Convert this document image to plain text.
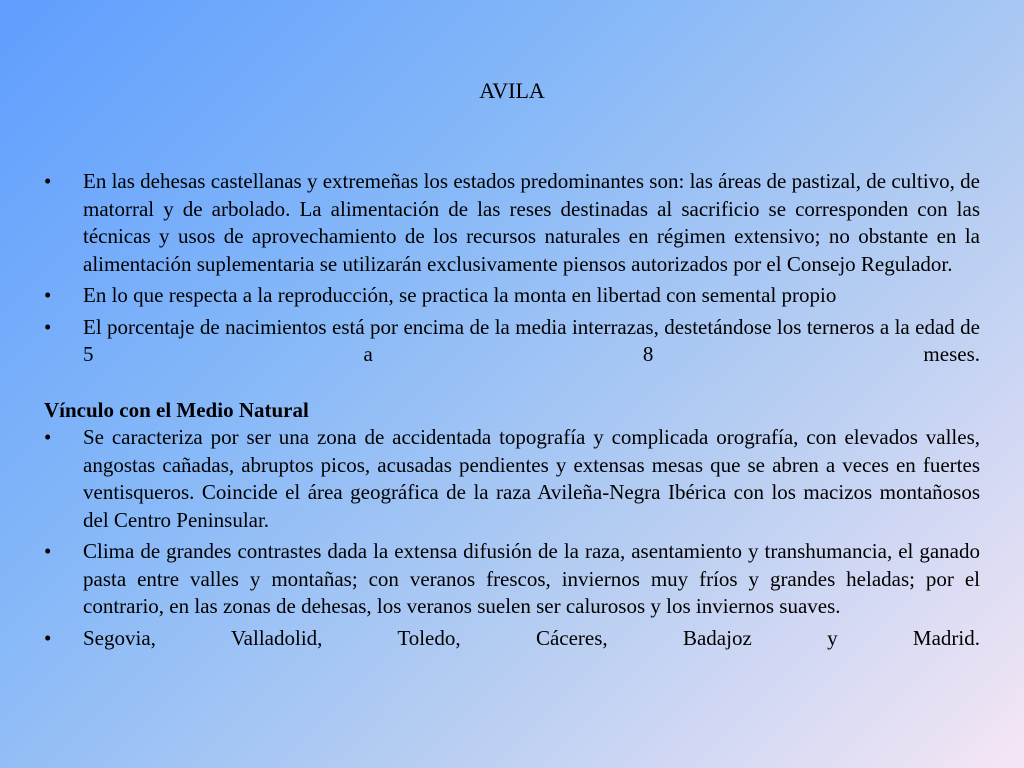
AVILA
•	En las dehesas castellanas y extremeñas los estados predominantes son: las áreas de pastizal, de cultivo, de matorral y de arbolado. La alimentación de las reses destinadas al sacrificio se corresponden con las técnicas y usos de aprovechamiento de los recursos naturales en régimen extensivo; no obstante en la alimentación suplementaria se utilizarán exclusivamente piensos autorizados por el Consejo Regulador.
•	En lo que respecta a la reproducción, se practica la monta en libertad con semental propio
•	El porcentaje de nacimientos está por encima de la media interrazas, destetándose los terneros a la edad de 5 a 8 meses.
Vínculo con el Medio Natural
•	Se caracteriza por ser una zona de accidentada topografía y complicada orografía, con elevados valles, angostas cañadas, abruptos picos, acusadas pendientes y extensas mesas que se abren a veces en fuertes ventisqueros. Coincide el área geográfica de la raza Avileña-Negra Ibérica con los macizos montañosos del Centro Peninsular.
•	Clima de grandes contrastes dada la extensa difusión de la raza, asentamiento y transhumancia, el ganado pasta entre valles y montañas; con veranos frescos, inviernos muy fríos y grandes heladas; por el contrario, en las zonas de dehesas, los veranos suelen ser calurosos y los inviernos suaves.
•	Segovia, Valladolid, Toledo, Cáceres, Badajoz y Madrid.
